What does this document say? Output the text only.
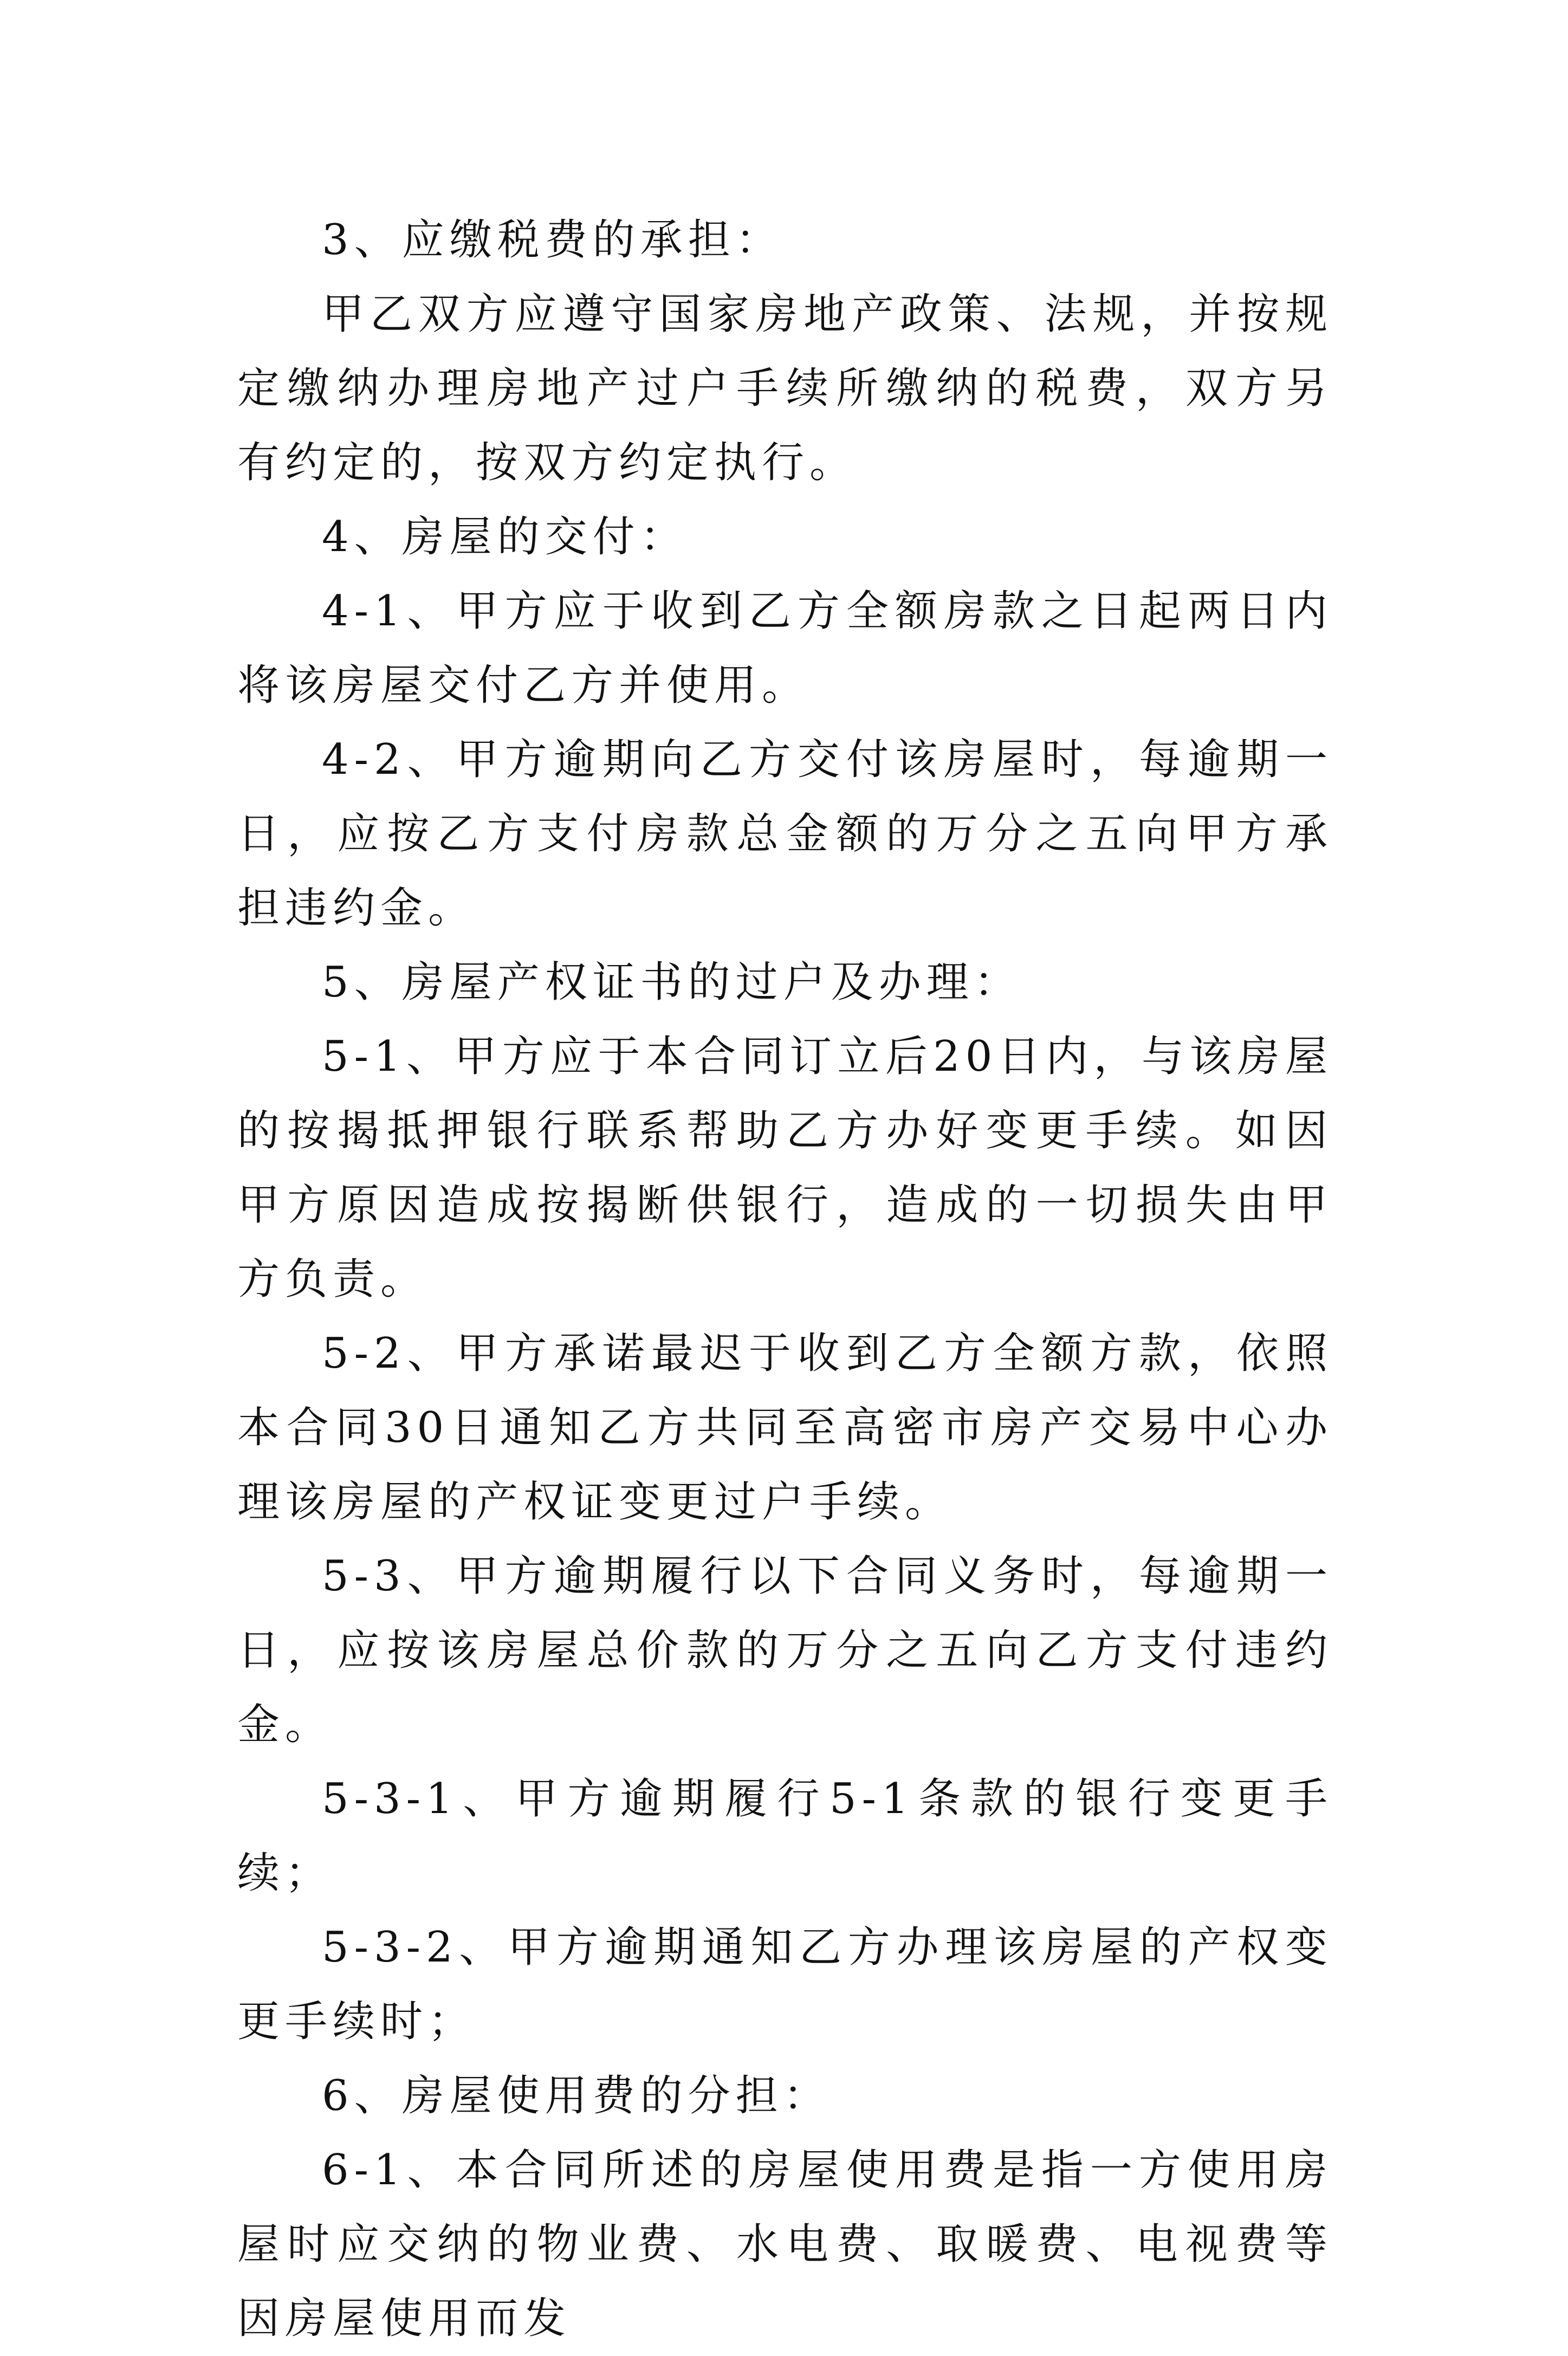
3、应缴税费的承担：

甲乙双方应遵守国家房地产政策、法规，并按规定缴纳办理房地产过户手续所缴纳的税费，双方另有约定的，按双方约定执行。

4、房屋的交付：

4-1、甲方应于收到乙方全额房款之日起两日内将该房屋交付乙方并使用。

4-2、甲方逾期向乙方交付该房屋时，每逾期一日，应按乙方支付房款总金额的万分之五向甲方承担违约金。

5、房屋产权证书的过户及办理：

5-1、甲方应于本合同订立后20日内，与该房屋的按揭抵押银行联系帮助乙方办好变更手续。如因甲方原因造成按揭断供银行，造成的一切损失由甲方负责。

5-2、甲方承诺最迟于收到乙方全额方款，依照本合同30日通知乙方共同至高密市房产交易中心办理该房屋的产权证变更过户手续。

5-3、甲方逾期履行以下合同义务时，每逾期一日，应按该房屋总价款的万分之五向乙方支付违约金。

5-3-1、甲方逾期履行5-1条款的银行变更手续；

5-3-2、甲方逾期通知乙方办理该房屋的产权变更手续时；

6、房屋使用费的分担：

6-1、本合同所述的房屋使用费是指一方使用房屋时应交纳的物业费、水电费、取暖费、电视费等因房屋使用而发
